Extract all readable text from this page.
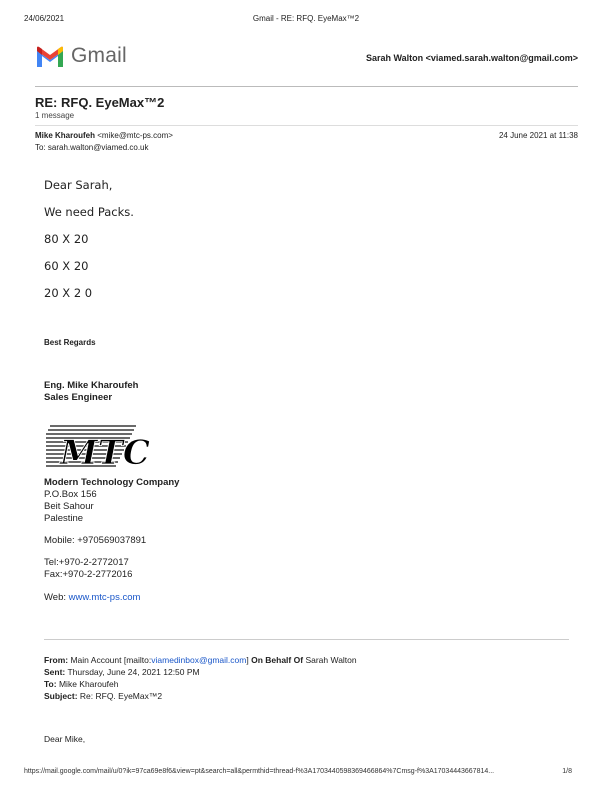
24/06/2021	Gmail - RE: RFQ. EyeMax™2
Gmail	Sarah Walton <viamed.sarah.walton@gmail.com>
RE: RFQ. EyeMax™2
1 message
Mike Kharoufeh <mike@mtc-ps.com>
To: sarah.walton@viamed.co.uk
24 June 2021 at 11:38
Dear Sarah,
We need Packs.
80 X 20
60 X 20
20 X 2 0
Best Regards
Eng. Mike Kharoufeh
Sales Engineer
MTC
Modern Technology Company
P.O.Box 156
Beit Sahour
Palestine
Mobile: +970569037891
Tel:+970-2-2772017
Fax:+970-2-2772016
Web: www.mtc-ps.com
From: Main Account [mailto:viamedinbox@gmail.com] On Behalf Of Sarah Walton
Sent: Thursday, June 24, 2021 12:50 PM
To: Mike Kharoufeh
Subject: Re: RFQ. EyeMax™2
Dear Mike,
https://mail.google.com/mail/u/0?ik=97ca69e8f6&view=pt&search=all&permthid=thread-f%3A1703440598369466864%7Cmsg-f%3A17034443667814...	1/8
